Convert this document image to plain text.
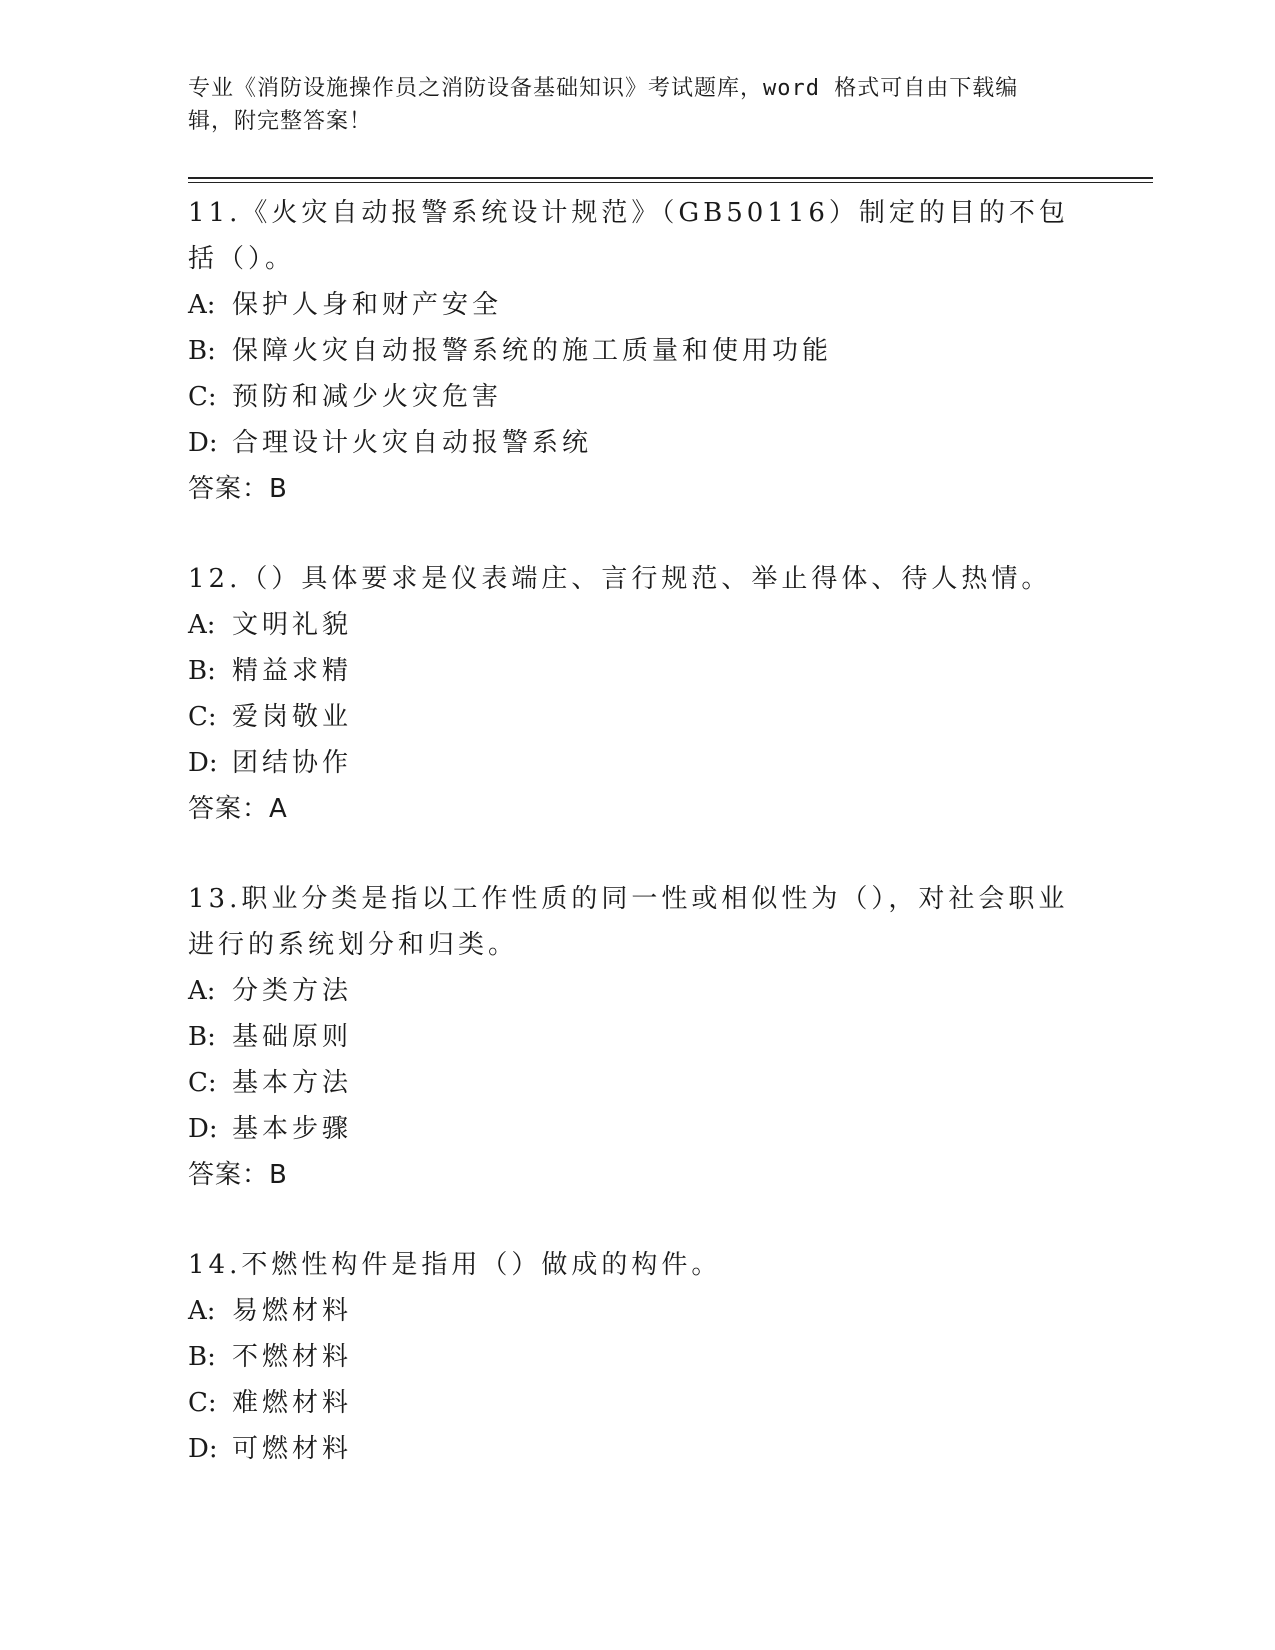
专业《消防设施操作员之消防设备基础知识》考试题库，word 格式可自由下载编
辑，附完整答案！
11.《火灾自动报警系统设计规范》（GB50116）制定的目的不包括（）。
A: 保护人身和财产安全
B: 保障火灾自动报警系统的施工质量和使用功能
C: 预防和减少火灾危害
D: 合理设计火灾自动报警系统
答案：B
12.（）具体要求是仪表端庄、言行规范、举止得体、待人热情。
A: 文明礼貌
B: 精益求精
C: 爱岗敬业
D: 团结协作
答案：A
13.职业分类是指以工作性质的同一性或相似性为（），对社会职业进行的系统划分和归类。
A: 分类方法
B: 基础原则
C: 基本方法
D: 基本步骤
答案：B
14.不燃性构件是指用（）做成的构件。
A: 易燃材料
B: 不燃材料
C: 难燃材料
D: 可燃材料
